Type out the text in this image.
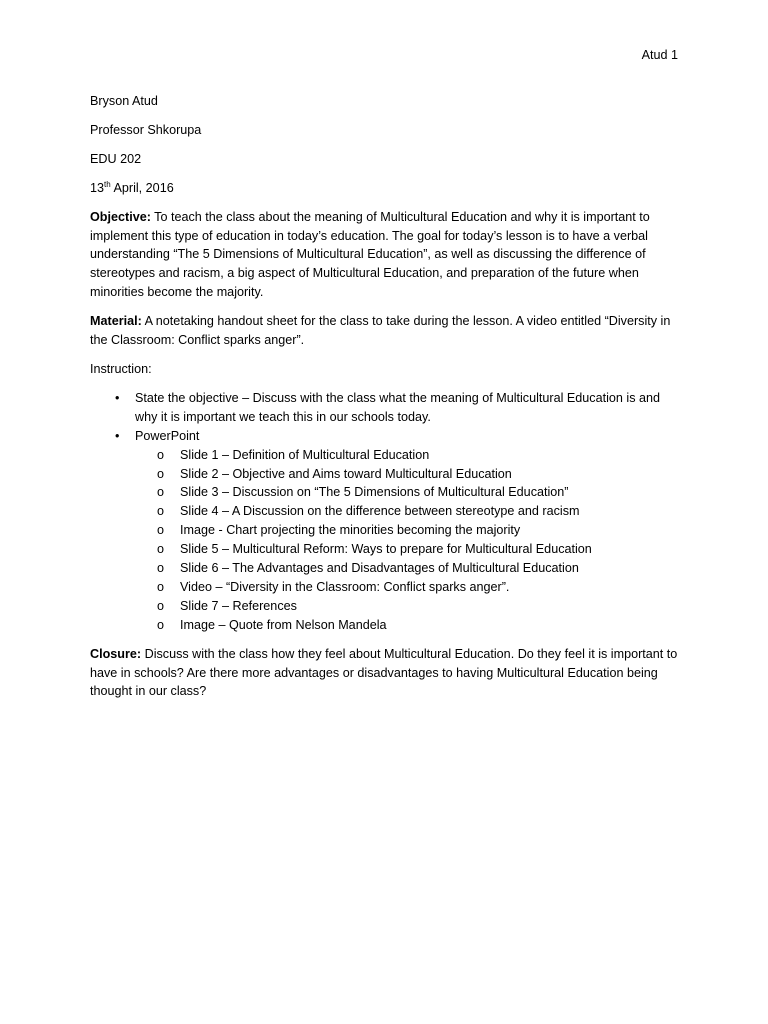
Atud 1

Bryson Atud

Professor Shkorupa

EDU 202

13th April, 2016

Objective: To teach the class about the meaning of Multicultural Education and why it is important to implement this type of education in today’s education. The goal for today’s lesson is to have a verbal understanding “The 5 Dimensions of Multicultural Education”, as well as discussing the difference of stereotypes and racism, a big aspect of Multicultural Education, and preparation of the future when minorities become the majority.

Material: A notetaking handout sheet for the class to take during the lesson. A video entitled “Diversity in the Classroom: Conflict sparks anger”.

Instruction:

• State the objective – Discuss with the class what the meaning of Multicultural Education is and why it is important we teach this in our schools today.
• PowerPoint
o Slide 1 – Definition of Multicultural Education
o Slide 2 – Objective and Aims toward Multicultural Education
o Slide 3 – Discussion on “The 5 Dimensions of Multicultural Education”
o Slide 4 – A Discussion on the difference between stereotype and racism
o Image - Chart projecting the minorities becoming the majority
o Slide 5 – Multicultural Reform: Ways to prepare for Multicultural Education
o Slide 6 – The Advantages and Disadvantages of Multicultural Education
o Video – “Diversity in the Classroom: Conflict sparks anger”.
o Slide 7 – References
o Image – Quote from Nelson Mandela

Closure: Discuss with the class how they feel about Multicultural Education. Do they feel it is important to have in schools? Are there more advantages or disadvantages to having Multicultural Education being thought in our class?
